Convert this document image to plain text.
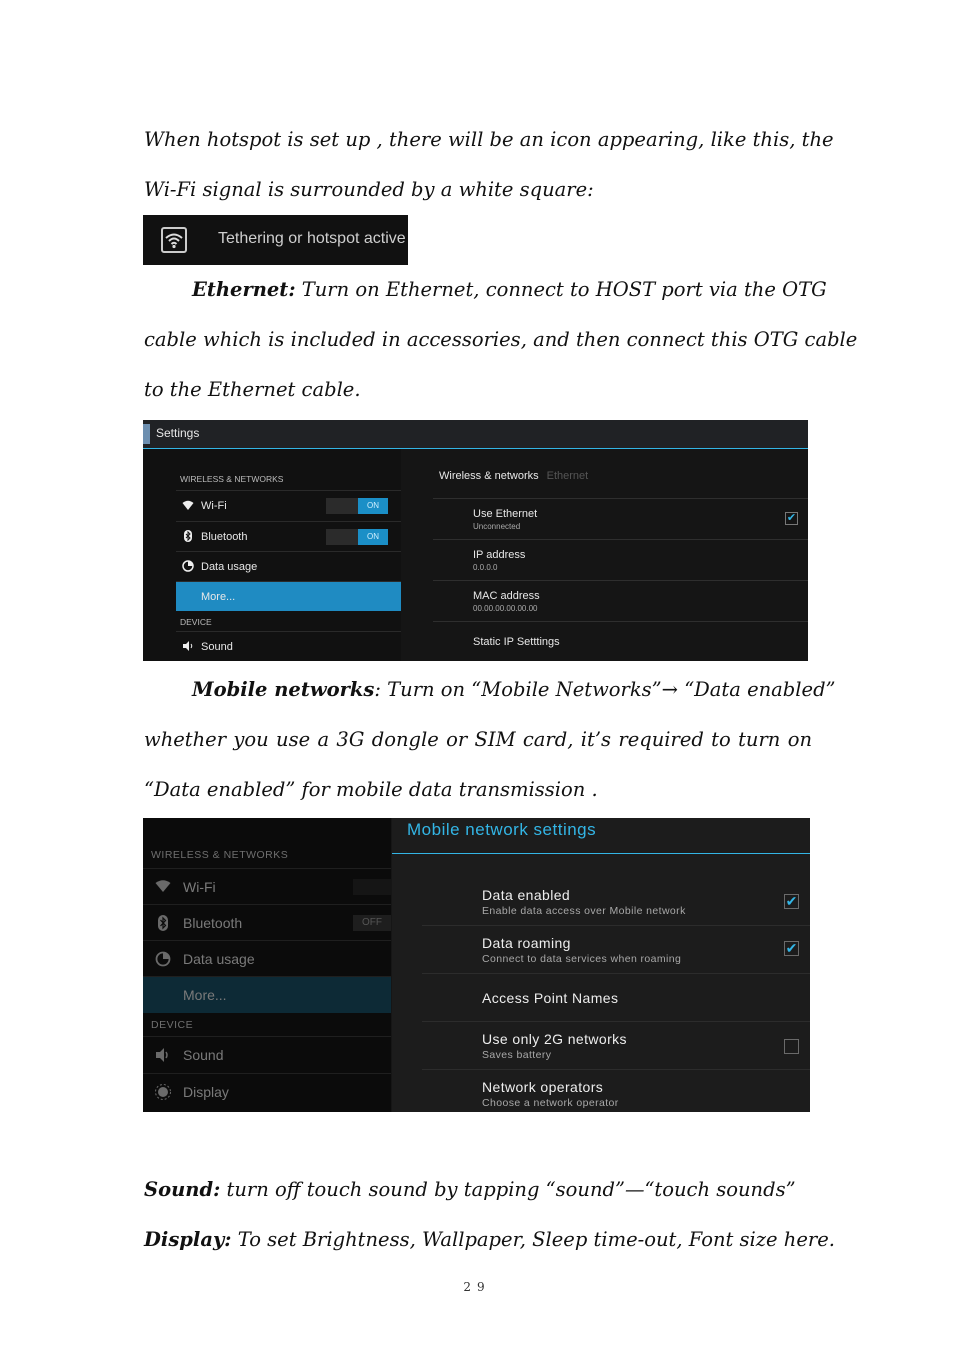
When hotspot is set up , there will be an icon appearing, like this, the
Wi-Fi signal is surrounded by a white square:
Tethering or hotspot active
Ethernet: Turn on Ethernet, connect to HOST port via the OTG
cable which is included in accessories, and then connect this OTG cable
to the Ethernet cable.
Settings
WIRELESS & NETWORKS
Wi-Fi	ON
Bluetooth	ON
Data usage
More...
DEVICE
Sound
Wireless & networks Ethernet
Use Ethernet
Unconnected
✔
IP address
0.0.0.0
MAC address
00.00.00.00.00.00
Static IP Setttings
Mobile networks: Turn on “Mobile Networks”→ “Data enabled”
whether you use a 3G dongle or SIM card, it’s required to turn on
“Data enabled” for mobile data transmission .
WIRELESS & NETWORKS
Wi-Fi
Bluetooth	OFF
Data usage
More...
DEVICE
Sound
Display
Mobile network settings
Data enabled
Enable data access over Mobile network
✔
Data roaming
Connect to data services when roaming
✔
Access Point Names
Use only 2G networks
Saves battery
Network operators
Choose a network operator
Sound: turn off touch sound by tapping “sound”—“touch sounds”
Display: To set Brightness, Wallpaper, Sleep time-out, Font size here.
29
